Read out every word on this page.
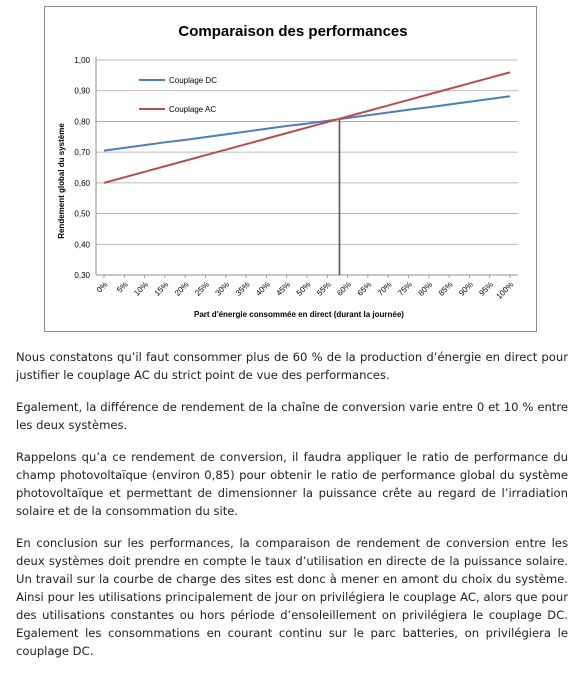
Comparaison des performances
0,30
0,40
0,50
0,60
0,70
0,80
0,90
1,00
0% 5% 10% 15% 20% 25% 30% 35% 40% 45% 50% 55% 60% 65% 70% 75% 80% 85% 90% 95% 100%
Couplage DC
Couplage AC
Part d'énergie consommée en direct (durant la journée)
Rendement global du système

Nous constatons qu’il faut consommer plus de 60 % de la production d’énergie en direct pour justifier le couplage AC du strict point de vue des performances.

Egalement, la différence de rendement de la chaîne de conversion varie entre 0 et 10 % entre les deux systèmes.

Rappelons qu’a ce rendement de conversion, il faudra appliquer le ratio de performance du champ photovoltaïque (environ 0,85) pour obtenir le ratio de performance global du système photovoltaïque et permettant de dimensionner la puissance crête au regard de l’irradiation solaire et de la consommation du site.

En conclusion sur les performances, la comparaison de rendement de conversion entre les deux systèmes doit prendre en compte le taux d’utilisation en directe de la puissance solaire. Un travail sur la courbe de charge des sites est donc à mener en amont du choix du système. Ainsi pour les utilisations principalement de jour on privilégiera le couplage AC, alors que pour des utilisations constantes ou hors période d’ensoleillement on privilégiera le couplage DC. Egalement les consommations en courant continu sur le parc batteries, on privilégiera le couplage DC.
